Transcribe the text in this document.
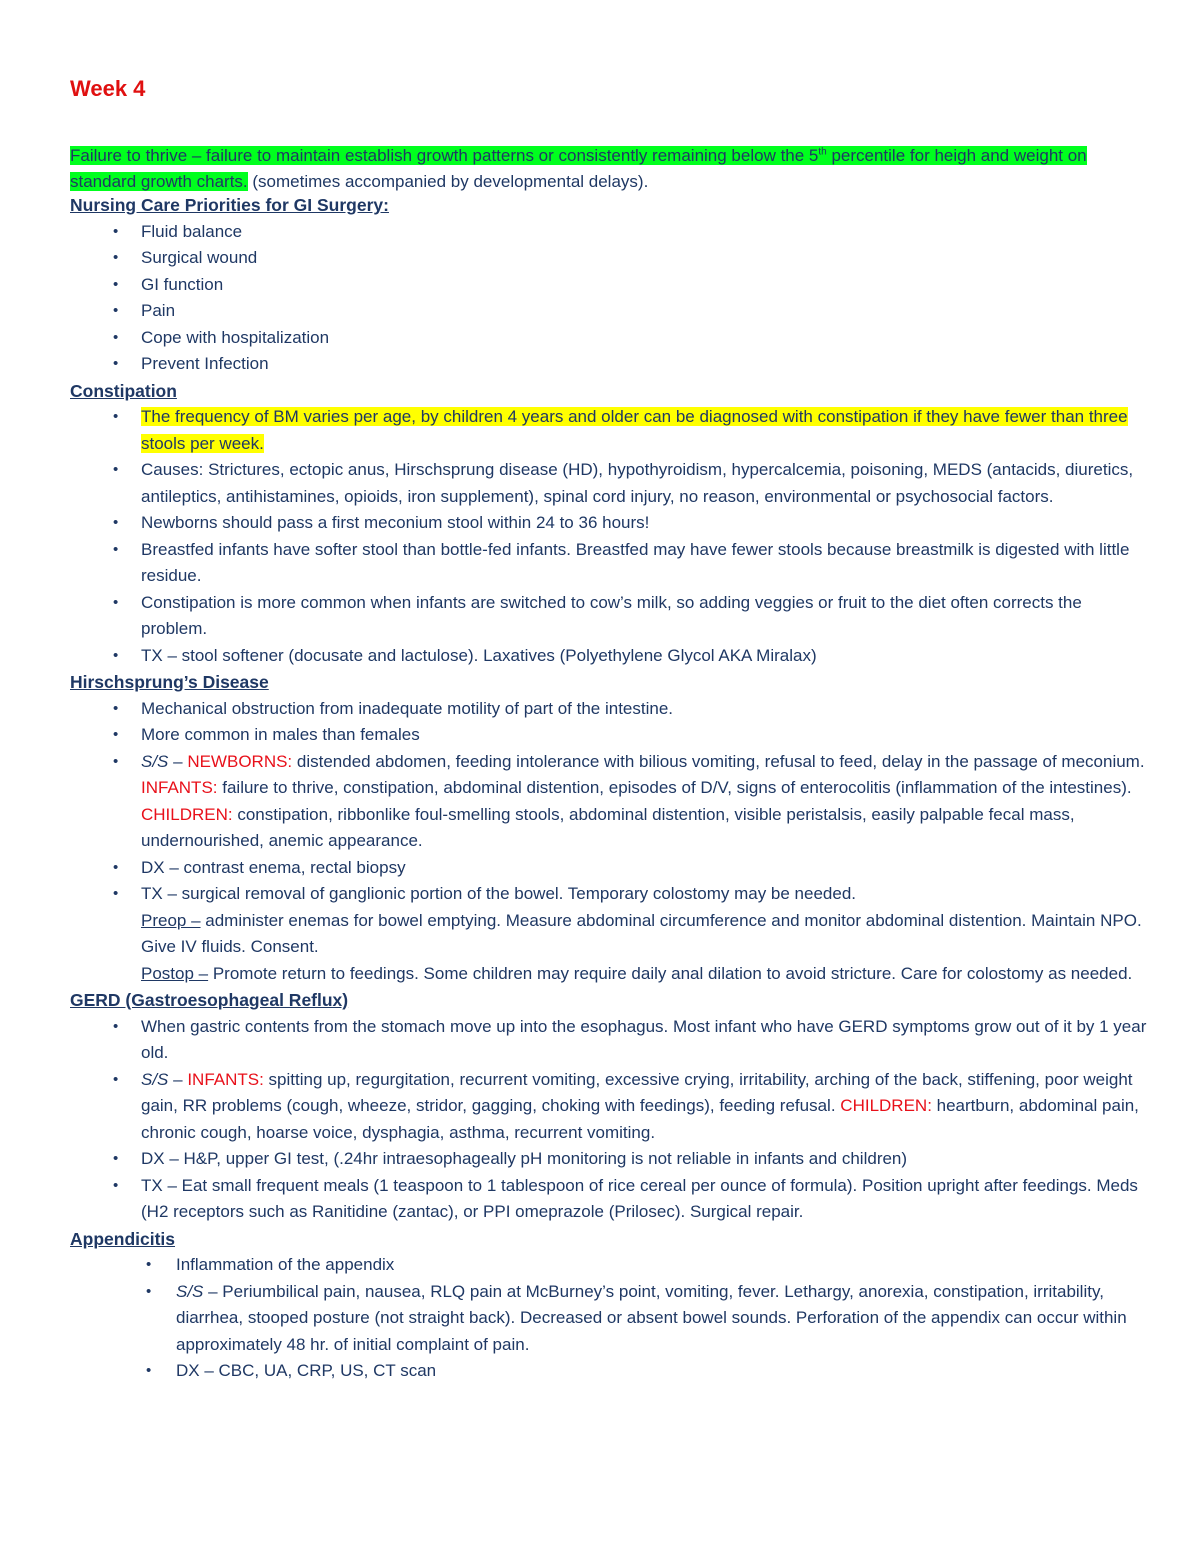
Week 4
Failure to thrive – failure to maintain establish growth patterns or consistently remaining below the 5th percentile for heigh and weight on standard growth charts. (sometimes accompanied by developmental delays).

Nursing Care Priorities for GI Surgery:

• Fluid balance
• Surgical wound
• GI function
• Pain
• Cope with hospitalization
• Prevent Infection

Constipation

• The frequency of BM varies per age, by children 4 years and older can be diagnosed with constipation if they have fewer than three stools per week.
• Causes: Strictures, ectopic anus, Hirschsprung disease (HD), hypothyroidism, hypercalcemia, poisoning, MEDS (antacids, diuretics, antileptics, antihistamines, opioids, iron supplement), spinal cord injury, no reason, environmental or psychosocial factors.
• Newborns should pass a first meconium stool within 24 to 36 hours!
• Breastfed infants have softer stool than bottle-fed infants. Breastfed may have fewer stools because breastmilk is digested with little residue.
• Constipation is more common when infants are switched to cow’s milk, so adding veggies or fruit to the diet often corrects the problem.
• TX – stool softener (docusate and lactulose). Laxatives (Polyethylene Glycol AKA Miralax)

Hirschsprung’s Disease

• Mechanical obstruction from inadequate motility of part of the intestine.
• More common in males than females
• S/S – NEWBORNS: distended abdomen, feeding intolerance with bilious vomiting, refusal to feed, delay in the passage of meconium. INFANTS: failure to thrive, constipation, abdominal distention, episodes of D/V, signs of enterocolitis (inflammation of the intestines). CHILDREN: constipation, ribbonlike foul-smelling stools, abdominal distention, visible peristalsis, easily palpable fecal mass, undernourished, anemic appearance.
• DX – contrast enema, rectal biopsy
• TX – surgical removal of ganglionic portion of the bowel. Temporary colostomy may be needed.
Preop – administer enemas for bowel emptying. Measure abdominal circumference and monitor abdominal distention. Maintain NPO. Give IV fluids. Consent.
Postop – Promote return to feedings. Some children may require daily anal dilation to avoid stricture. Care for colostomy as needed.

GERD (Gastroesophageal Reflux)

• When gastric contents from the stomach move up into the esophagus. Most infant who have GERD symptoms grow out of it by 1 year old.
• S/S – INFANTS: spitting up, regurgitation, recurrent vomiting, excessive crying, irritability, arching of the back, stiffening, poor weight gain, RR problems (cough, wheeze, stridor, gagging, choking with feedings), feeding refusal. CHILDREN: heartburn, abdominal pain, chronic cough, hoarse voice, dysphagia, asthma, recurrent vomiting.
• DX – H&P, upper GI test, (.24hr intraesophageally pH monitoring is not reliable in infants and children)
• TX – Eat small frequent meals (1 teaspoon to 1 tablespoon of rice cereal per ounce of formula). Position upright after feedings. Meds (H2 receptors such as Ranitidine (zantac), or PPI omeprazole (Prilosec). Surgical repair.

Appendicitis

• Inflammation of the appendix
• S/S – Periumbilical pain, nausea, RLQ pain at McBurney’s point, vomiting, fever. Lethargy, anorexia, constipation, irritability, diarrhea, stooped posture (not straight back). Decreased or absent bowel sounds. Perforation of the appendix can occur within approximately 48 hr. of initial complaint of pain.
• DX – CBC, UA, CRP, US, CT scan
